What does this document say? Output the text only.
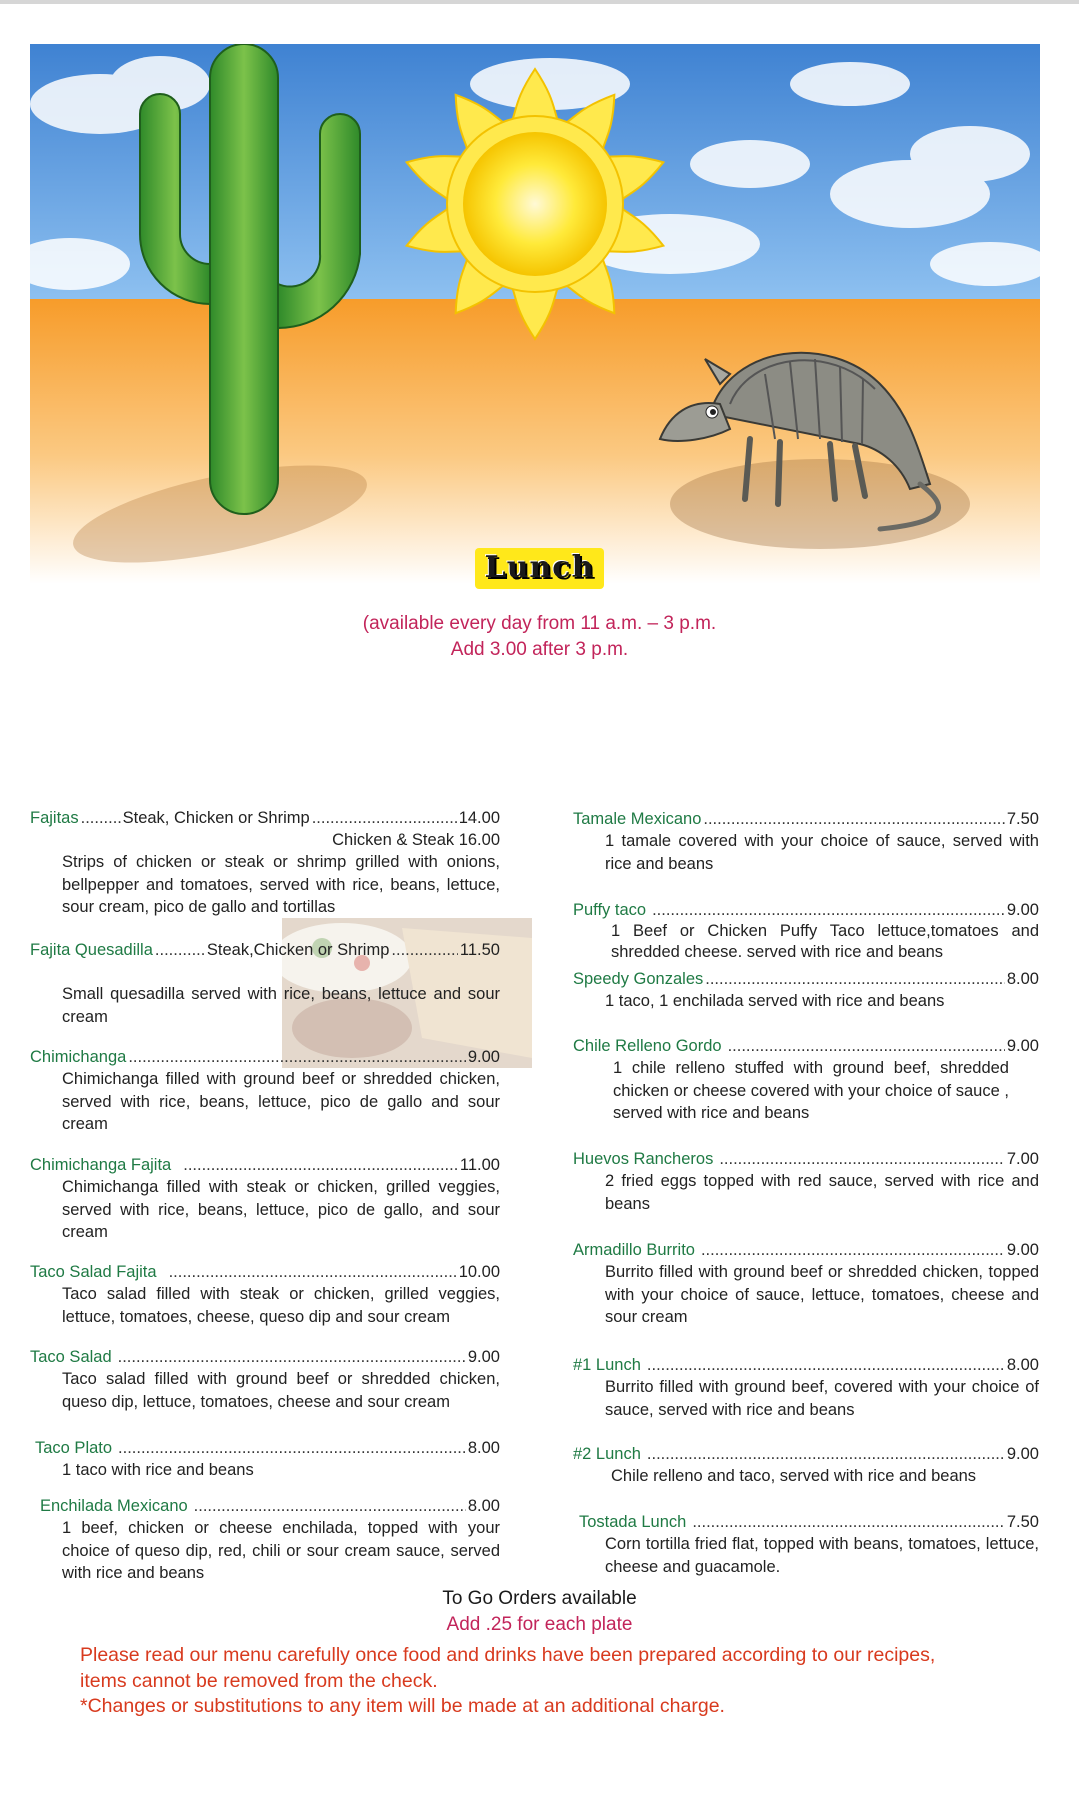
Lunch
(available every day from 11 a.m. – 3 p.m.
Add 3.00 after 3 p.m.
Fajitas .....	Steak, Chicken or Shrimp .....	14.00
Chicken & Steak 16.00
Strips of chicken or steak or shrimp grilled with onions, bellpepper and tomatoes, served with rice, beans, lettuce, sour cream, pico de gallo and tortillas
Fajita Quesadilla .....	Steak,Chicken or Shrimp .....	11.50
Small quesadilla served with rice, beans, lettuce and sour cream
Chimichanga .....	9.00
Chimichanga filled with ground beef or shredded chicken, served with rice, beans, lettuce, pico de gallo and sour cream
Chimichanga Fajita .....	11.00
Chimichanga filled with steak or chicken, grilled veggies, served with rice, beans, lettuce, pico de gallo, and sour cream
Taco Salad Fajita .....	10.00
Taco salad filled with steak or chicken, grilled veggies, lettuce, tomatoes, cheese, queso dip and sour cream
Taco Salad .....	9.00
Taco salad filled with ground beef or shredded chicken, queso dip, lettuce, tomatoes, cheese and sour cream
Taco Plato .....	8.00
1 taco with rice and beans
Enchilada Mexicano .....	8.00
1 beef, chicken or cheese enchilada, topped with your choice of queso dip, red, chili or sour cream sauce, served with rice and beans
Tamale Mexicano .....	7.50
1 tamale covered with your choice of sauce, served with rice and beans
Puffy taco .....	9.00
1 Beef or Chicken Puffy Taco lettuce,tomatoes and shredded cheese. served with rice and beans
Speedy Gonzales .....	8.00
1 taco, 1 enchilada served with rice and beans
Chile Relleno Gordo .....	9.00
1 chile relleno stuffed with ground beef, shredded chicken or cheese covered with your choice of sauce , served with rice and beans
Huevos Rancheros .....	7.00
2 fried eggs topped with red sauce, served with rice and beans
Armadillo Burrito .....	9.00
Burrito filled with ground beef or shredded chicken, topped with your choice of sauce, lettuce, tomatoes, cheese and sour cream
#1 Lunch .....	8.00
Burrito filled with ground beef, covered with your choice of sauce, served with rice and beans
#2 Lunch .....	9.00
Chile relleno and taco, served with rice and beans
Tostada Lunch .....	7.50
Corn tortilla fried flat, topped with beans, tomatoes, lettuce, cheese and guacamole.
To Go Orders available
Add .25 for each plate
Please read our menu carefully once food and drinks have been prepared according to our recipes, items cannot be removed from the check.
*Changes or substitutions to any item will be made at an additional charge.
